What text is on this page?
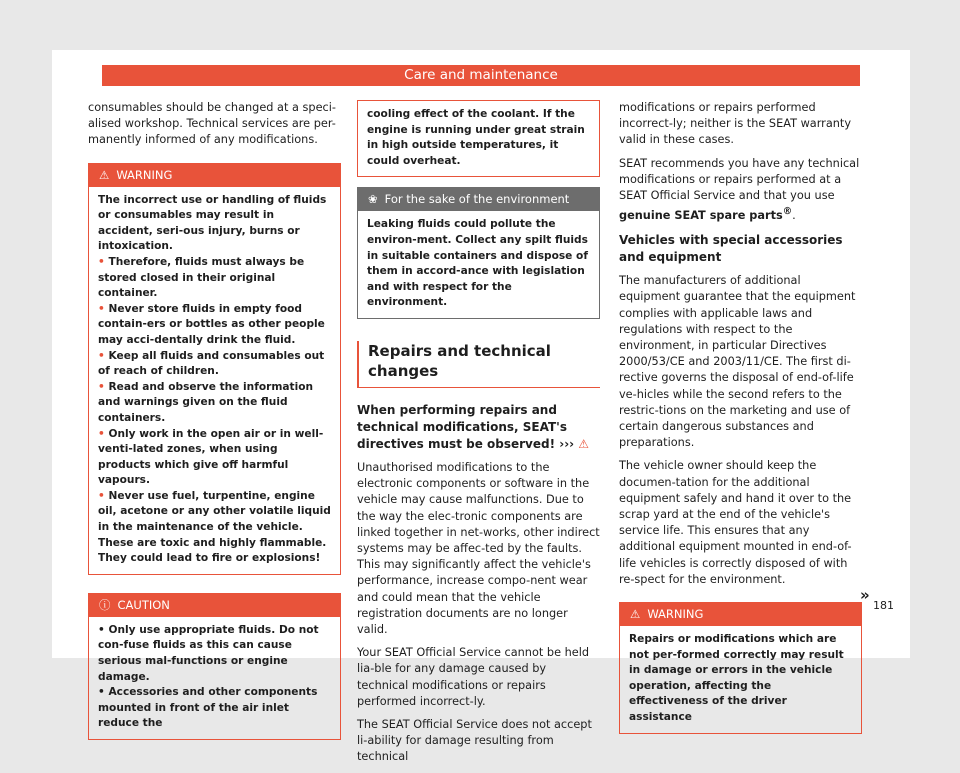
Care and maintenance

consumables should be changed at a speci-alised workshop. Technical services are per-manently informed of any modifications.

⚠ WARNING

The incorrect use or handling of fluids or consumables may result in accident, seri-ous injury, burns or intoxication.

• Therefore, fluids must always be stored closed in their original container.

• Never store fluids in empty food contain-ers or bottles as other people may acci-dentally drink the fluid.

• Keep all fluids and consumables out of reach of children.

• Read and observe the information and warnings given on the fluid containers.

• Only work in the open air or in well-venti-lated zones, when using products which give off harmful vapours.

• Never use fuel, turpentine, engine oil, acetone or any other volatile liquid in the maintenance of the vehicle. These are toxic and highly flammable. They could lead to fire or explosions!

ⓘ CAUTION

• Only use appropriate fluids. Do not con-fuse fluids as this can cause serious mal-functions or engine damage.

• Accessories and other components mounted in front of the air inlet reduce the

cooling effect of the coolant. If the engine is running under great strain in high outside temperatures, it could overheat.
❀ For the sake of the environment
Leaking fluids could pollute the environ-ment. Collect any spilt fluids in suitable containers and dispose of them in accord-ance with legislation and with respect for the environment.
Repairs and technical changes

When performing repairs and technical modifications, SEAT's directives must be observed! ››› ⚠

Unauthorised modifications to the electronic components or software in the vehicle may cause malfunctions. Due to the way the elec-tronic components are linked together in net-works, other indirect systems may be affec-ted by the faults. This may significantly affect the vehicle's performance, increase compo-nent wear and could mean that the vehicle registration documents are no longer valid.

Your SEAT Official Service cannot be held lia-ble for any damage caused by technical modifications or repairs performed incorrect-ly.

The SEAT Official Service does not accept li-ability for damage resulting from technical

modifications or repairs performed incorrect-ly; neither is the SEAT warranty valid in these cases.

SEAT recommends you have any technical modifications or repairs performed at a SEAT Official Service and that you use genuine SEAT spare parts®.

Vehicles with special accessories and equipment

The manufacturers of additional equipment guarantee that the equipment complies with applicable laws and regulations with respect to the environment, in particular Directives 2000/53/CE and 2003/11/CE. The first di-rective governs the disposal of end-of-life ve-hicles while the second refers to the restric-tions on the marketing and use of certain dangerous substances and preparations.

The vehicle owner should keep the documen-tation for the additional equipment safely and hand it over to the scrap yard at the end of the vehicle's service life. This ensures that any additional equipment mounted in end-of-life vehicles is correctly disposed of with re-spect for the environment.

⚠ WARNING
Repairs or modifications which are not per-formed correctly may result in damage or errors in the vehicle operation, affecting the effectiveness of the driver assistance
»
181
